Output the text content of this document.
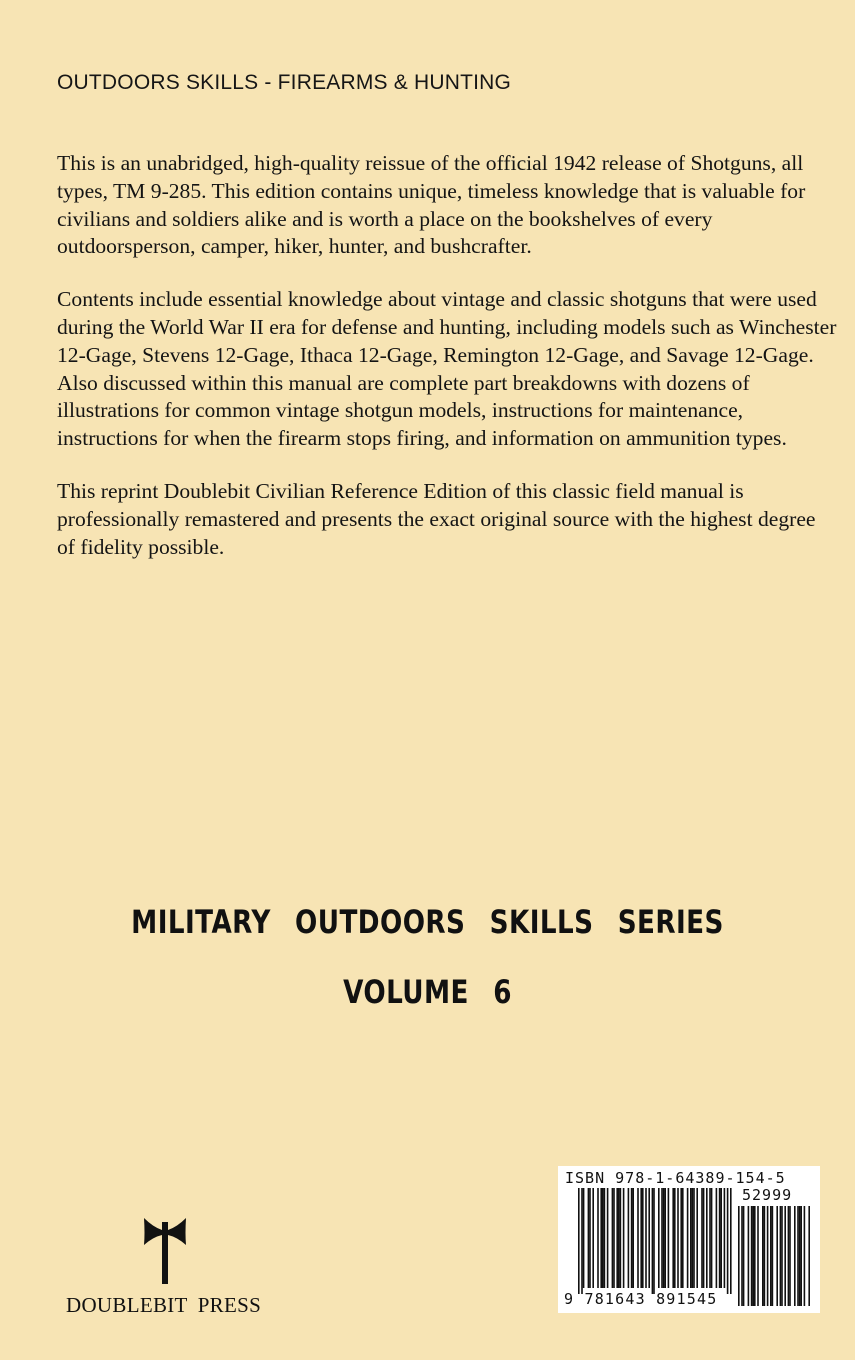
OUTDOORS SKILLS - FIREARMS & HUNTING

This is an unabridged, high-quality reissue of the official 1942 release of Shotguns, all types, TM 9-285. This edition contains unique, timeless knowledge that is valuable for civilians and soldiers alike and is worth a place on the bookshelves of every outdoorsperson, camper, hiker, hunter, and bushcrafter.

Contents include essential knowledge about vintage and classic shotguns that were used during the World War II era for defense and hunting, including models such as Winchester 12-Gage, Stevens 12-Gage, Ithaca 12-Gage, Remington 12-Gage, and Savage 12-Gage. Also discussed within this manual are complete part breakdowns with dozens of illustrations for common vintage shotgun models, instructions for maintenance, instructions for when the firearm stops firing, and information on ammunition types.

This reprint Doublebit Civilian Reference Edition of this classic field manual is professionally remastered and presents the exact original source with the highest degree of fidelity possible.

MILITARY OUTDOORS SKILLS SERIES
VOLUME 6
DOUBLEBIT PRESS
ISBN 978-1-64389-154-5
52999
9 781643 891545
